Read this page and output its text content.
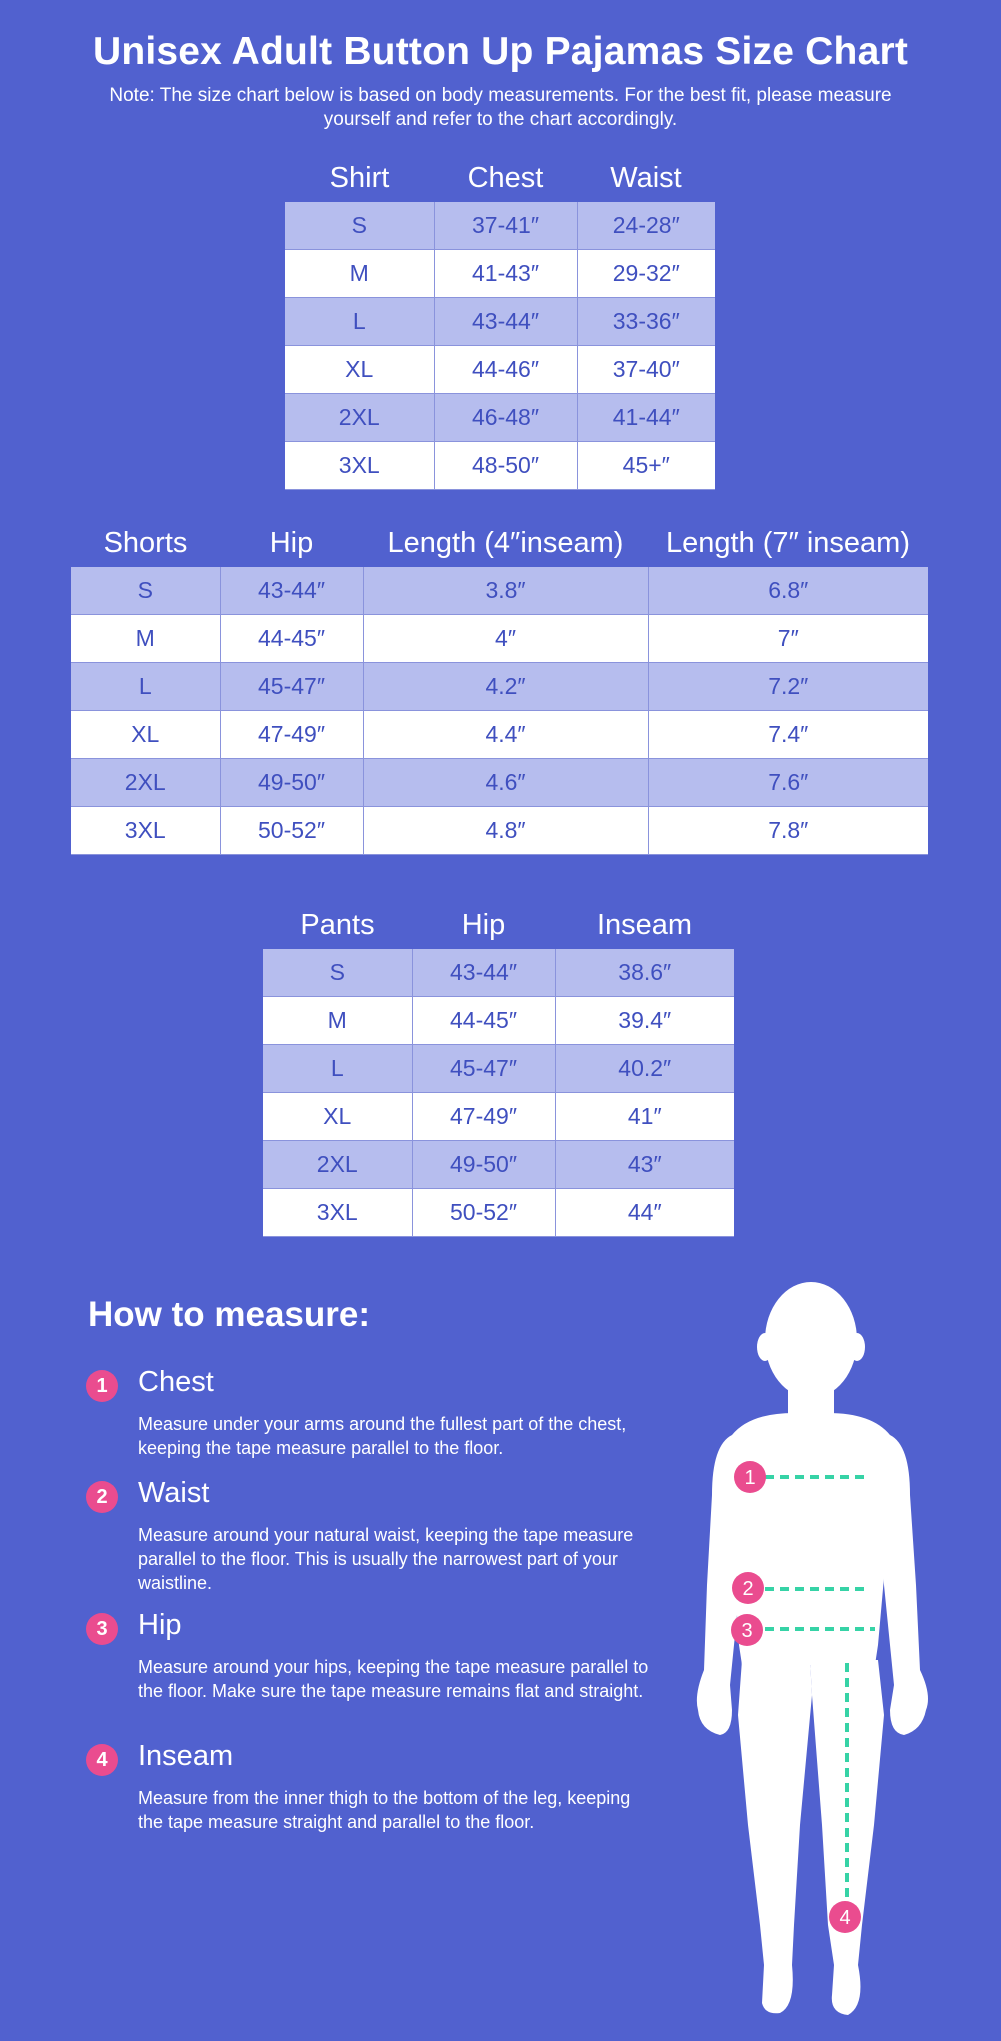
Unisex Adult Button Up Pajamas Size Chart
Note: The size chart below is based on body measurements. For the best fit, please measure yourself and refer to the chart accordingly.
Shirt	Chest	Waist
S	37-41″	24-28″
M	41-43″	29-32″
L	43-44″	33-36″
XL	44-46″	37-40″
2XL	46-48″	41-44″
3XL	48-50″	45+″
Shorts	Hip	Length (4″inseam)	Length (7″ inseam)
S	43-44″	3.8″	6.8″
M	44-45″	4″	7″
L	45-47″	4.2″	7.2″
XL	47-49″	4.4″	7.4″
2XL	49-50″	4.6″	7.6″
3XL	50-52″	4.8″	7.8″
Pants	Hip	Inseam
S	43-44″	38.6″
M	44-45″	39.4″
L	45-47″	40.2″
XL	47-49″	41″
2XL	49-50″	43″
3XL	50-52″	44″
How to measure:
1	Chest
Measure under your arms around the fullest part of the chest, keeping the tape measure parallel to the floor.
2	Waist
Measure around your natural waist, keeping the tape measure parallel to the floor. This is usually the narrowest part of your waistline.
3	Hip
Measure around your hips, keeping the tape measure parallel to the floor. Make sure the tape measure remains flat and straight.
4	Inseam
Measure from the inner thigh to the bottom of the leg, keeping the tape measure straight and parallel to the floor.
1
2
3
4
